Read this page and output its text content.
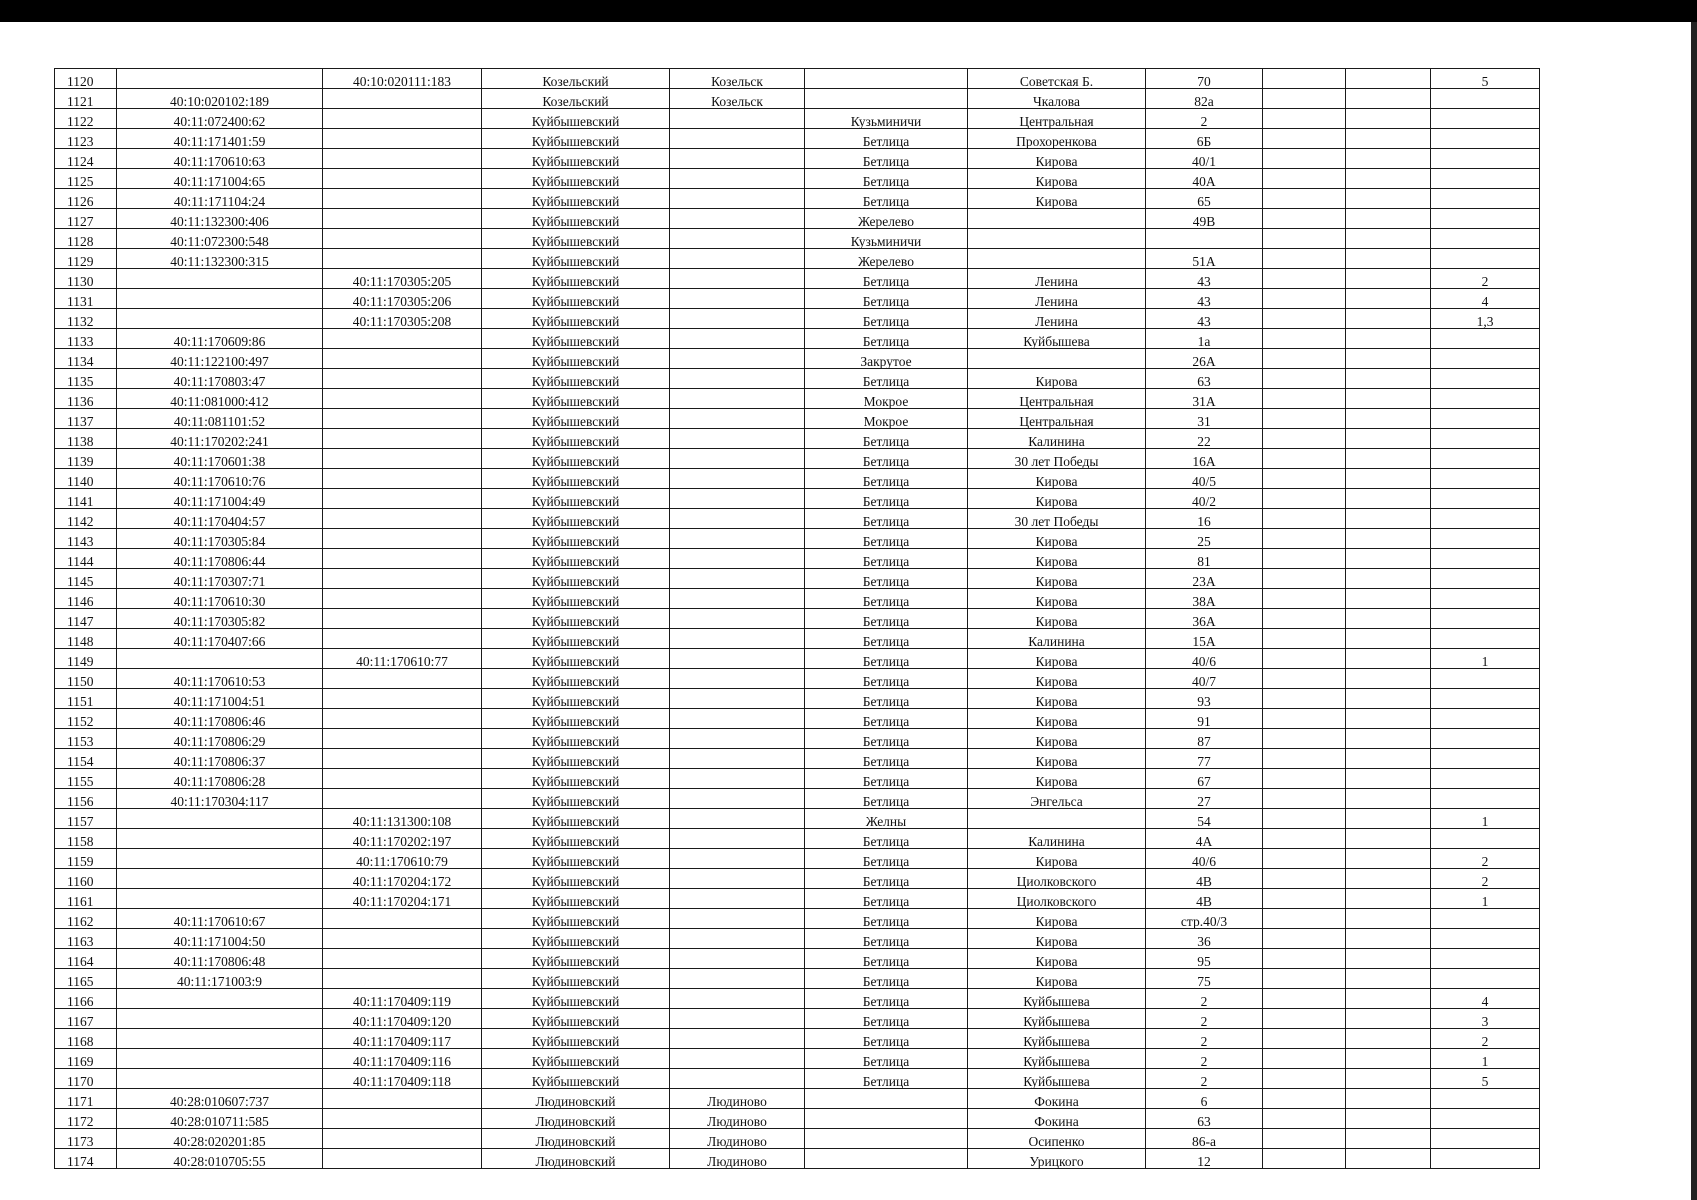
1120		40:10:020111:183	Козельский	Козельск		Советская Б.	70			5
1121	40:10:020102:189		Козельский	Козельск		Чкалова	82а			
1122	40:11:072400:62		Куйбышевский		Кузьминичи	Центральная	2			
1123	40:11:171401:59		Куйбышевский		Бетлица	Прохоренкова	6Б			
1124	40:11:170610:63		Куйбышевский		Бетлица	Кирова	40/1			
1125	40:11:171004:65		Куйбышевский		Бетлица	Кирова	40А			
1126	40:11:171104:24		Куйбышевский		Бетлица	Кирова	65			
1127	40:11:132300:406		Куйбышевский		Жерелево		49В			
1128	40:11:072300:548		Куйбышевский		Кузьминичи					
1129	40:11:132300:315		Куйбышевский		Жерелево		51А			
1130		40:11:170305:205	Куйбышевский		Бетлица	Ленина	43			2
1131		40:11:170305:206	Куйбышевский		Бетлица	Ленина	43			4
1132		40:11:170305:208	Куйбышевский		Бетлица	Ленина	43			1,3
1133	40:11:170609:86		Куйбышевский		Бетлица	Куйбышева	1а			
1134	40:11:122100:497		Куйбышевский		Закрутое		26А			
1135	40:11:170803:47		Куйбышевский		Бетлица	Кирова	63			
1136	40:11:081000:412		Куйбышевский		Мокрое	Центральная	31А			
1137	40:11:081101:52		Куйбышевский		Мокрое	Центральная	31			
1138	40:11:170202:241		Куйбышевский		Бетлица	Калинина	22			
1139	40:11:170601:38		Куйбышевский		Бетлица	30 лет Победы	16А			
1140	40:11:170610:76		Куйбышевский		Бетлица	Кирова	40/5			
1141	40:11:171004:49		Куйбышевский		Бетлица	Кирова	40/2			
1142	40:11:170404:57		Куйбышевский		Бетлица	30 лет Победы	16			
1143	40:11:170305:84		Куйбышевский		Бетлица	Кирова	25			
1144	40:11:170806:44		Куйбышевский		Бетлица	Кирова	81			
1145	40:11:170307:71		Куйбышевский		Бетлица	Кирова	23А			
1146	40:11:170610:30		Куйбышевский		Бетлица	Кирова	38А			
1147	40:11:170305:82		Куйбышевский		Бетлица	Кирова	36А			
1148	40:11:170407:66		Куйбышевский		Бетлица	Калинина	15А			
1149		40:11:170610:77	Куйбышевский		Бетлица	Кирова	40/6			1
1150	40:11:170610:53		Куйбышевский		Бетлица	Кирова	40/7			
1151	40:11:171004:51		Куйбышевский		Бетлица	Кирова	93			
1152	40:11:170806:46		Куйбышевский		Бетлица	Кирова	91			
1153	40:11:170806:29		Куйбышевский		Бетлица	Кирова	87			
1154	40:11:170806:37		Куйбышевский		Бетлица	Кирова	77			
1155	40:11:170806:28		Куйбышевский		Бетлица	Кирова	67			
1156	40:11:170304:117		Куйбышевский		Бетлица	Энгельса	27			
1157		40:11:131300:108	Куйбышевский		Желны		54			1
1158		40:11:170202:197	Куйбышевский		Бетлица	Калинина	4А			
1159		40:11:170610:79	Куйбышевский		Бетлица	Кирова	40/6			2
1160		40:11:170204:172	Куйбышевский		Бетлица	Циолковского	4В			2
1161		40:11:170204:171	Куйбышевский		Бетлица	Циолковского	4В			1
1162	40:11:170610:67		Куйбышевский		Бетлица	Кирова	стр.40/3			
1163	40:11:171004:50		Куйбышевский		Бетлица	Кирова	36			
1164	40:11:170806:48		Куйбышевский		Бетлица	Кирова	95			
1165	40:11:171003:9		Куйбышевский		Бетлица	Кирова	75			
1166		40:11:170409:119	Куйбышевский		Бетлица	Куйбышева	2			4
1167		40:11:170409:120	Куйбышевский		Бетлица	Куйбышева	2			3
1168		40:11:170409:117	Куйбышевский		Бетлица	Куйбышева	2			2
1169		40:11:170409:116	Куйбышевский		Бетлица	Куйбышева	2			1
1170		40:11:170409:118	Куйбышевский		Бетлица	Куйбышева	2			5
1171	40:28:010607:737		Людиновский	Людиново		Фокина	6			
1172	40:28:010711:585		Людиновский	Людиново		Фокина	63			
1173	40:28:020201:85		Людиновский	Людиново		Осипенко	86-а			
1174	40:28:010705:55		Людиновский	Людиново		Урицкого	12			
